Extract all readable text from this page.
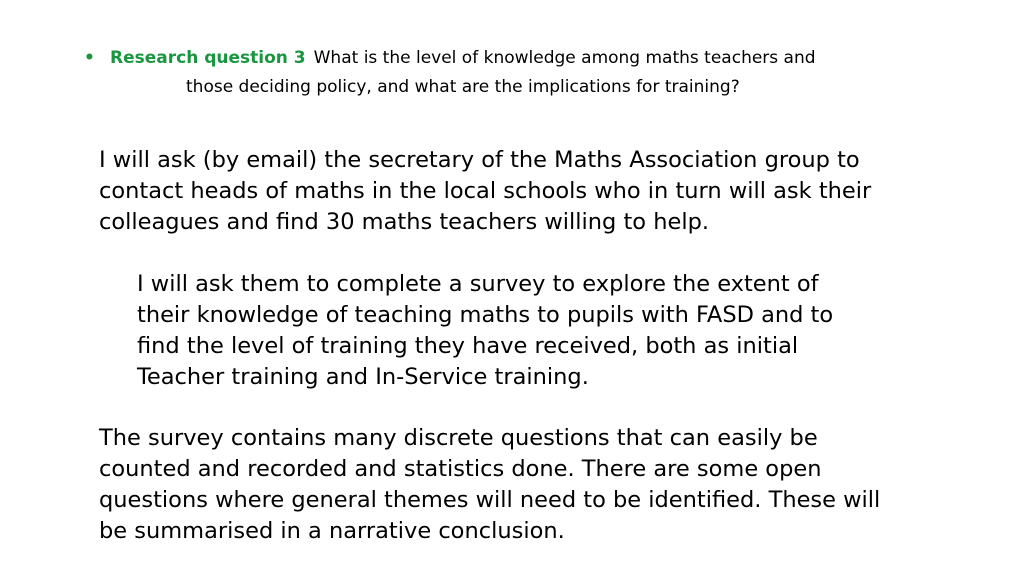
• Research question 3 What is the level of knowledge among maths teachers and
those deciding policy, and what are the implications for training?

I will ask (by email) the secretary of the Maths Association group to
contact heads of maths in the local schools who in turn will ask their
colleagues and find 30 maths teachers willing to help.

I will ask them to complete a survey to explore the extent of
their knowledge of teaching maths to pupils with FASD and to
find the level of training they have received, both as initial
Teacher training and In-Service training.

The survey contains many discrete questions that can easily be
counted and recorded and statistics done. There are some open
questions where general themes will need to be identified. These will
be summarised in a narrative conclusion.
